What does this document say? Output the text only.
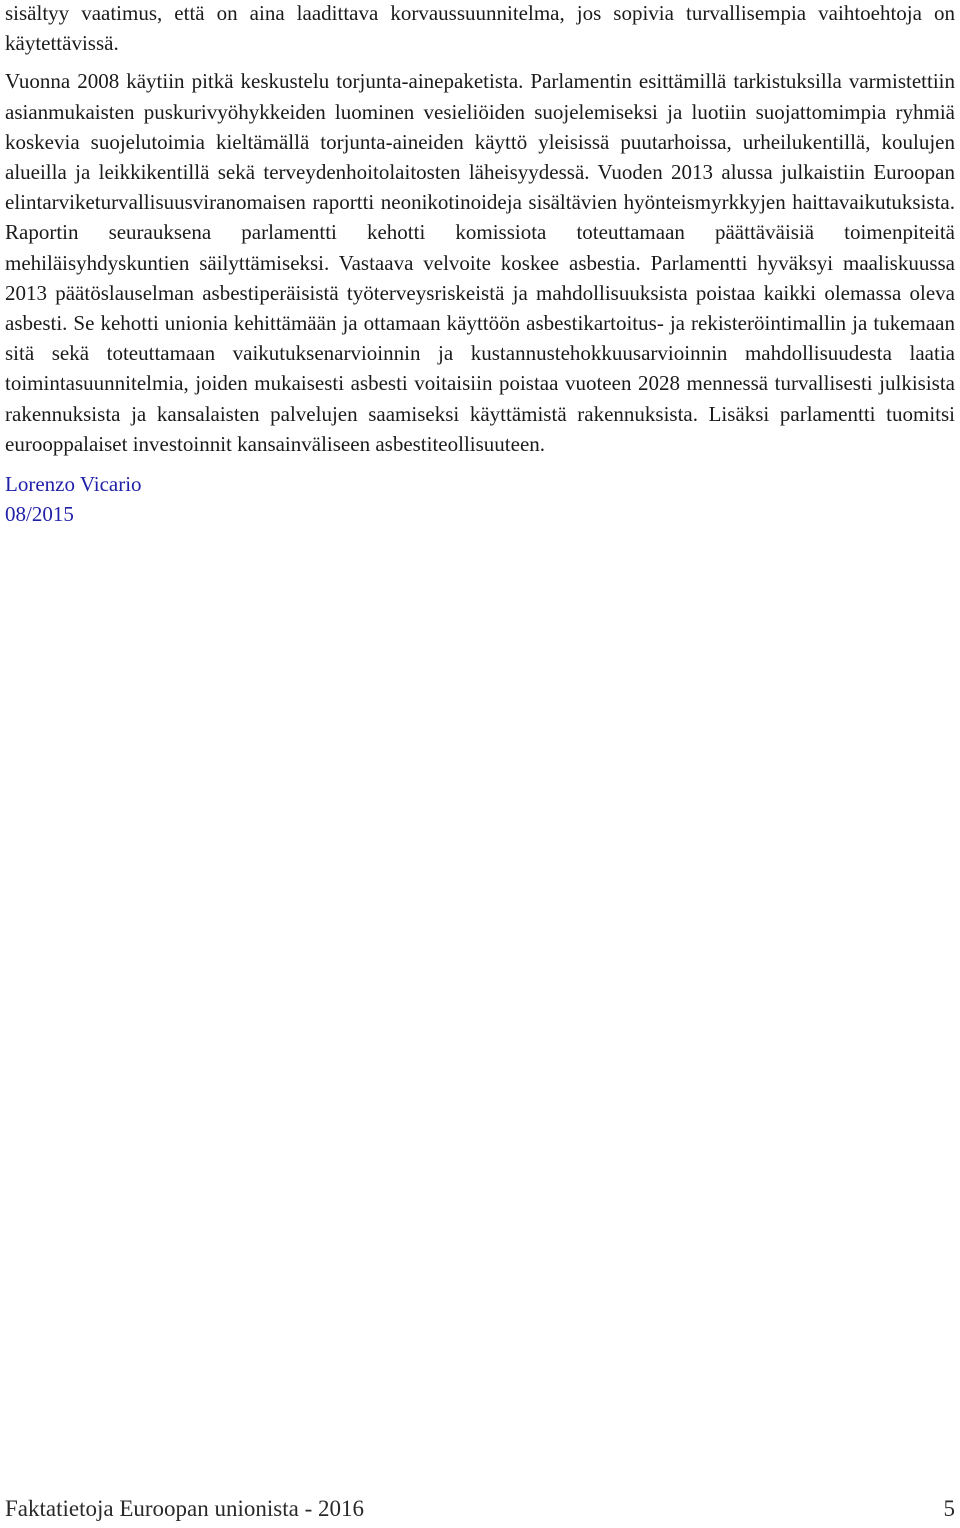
sisältyy vaatimus, että on aina laadittava korvaussuunnitelma, jos sopivia turvallisempia vaihtoehtoja on käytettävissä.

Vuonna 2008 käytiin pitkä keskustelu torjunta-ainepaketista. Parlamentin esittämillä tarkistuksilla varmistettiin asianmukaisten puskurivyöhykkeiden luominen vesieliöiden suojelemiseksi ja luotiin suojattomimpia ryhmiä koskevia suojelutoimia kieltämällä torjunta-aineiden käyttö yleisissä puutarhoissa, urheilukentillä, koulujen alueilla ja leikkikentillä sekä terveydenhoitolaitosten läheisyydessä. Vuoden 2013 alussa julkaistiin Euroopan elintarviketurvallisuusviranomaisen raportti neonikotinoideja sisältävien hyönteismyrkkyjen haittavaikutuksista. Raportin seurauksena parlamentti kehotti komissiota toteuttamaan päättäväisiä toimenpiteitä mehiläisyhdyskuntien säilyttämiseksi. Vastaava velvoite koskee asbestia. Parlamentti hyväksyi maaliskuussa 2013 päätöslauselman asbestiperäisistä työterveysriskeistä ja mahdollisuuksista poistaa kaikki olemassa oleva asbesti. Se kehotti unionia kehittämään ja ottamaan käyttöön asbestikartoitus- ja rekisteröintimallin ja tukemaan sitä sekä toteuttamaan vaikutuksenarvioinnin ja kustannustehokkuusarvioinnin mahdollisuudesta laatia toimintasuunnitelmia, joiden mukaisesti asbesti voitaisiin poistaa vuoteen 2028 mennessä turvallisesti julkisista rakennuksista ja kansalaisten palvelujen saamiseksi käyttämistä rakennuksista. Lisäksi parlamentti tuomitsi eurooppalaiset investoinnit kansainväliseen asbestiteollisuuteen.

Lorenzo Vicario
08/2015
Faktatietoja Euroopan unionista - 2016	5
